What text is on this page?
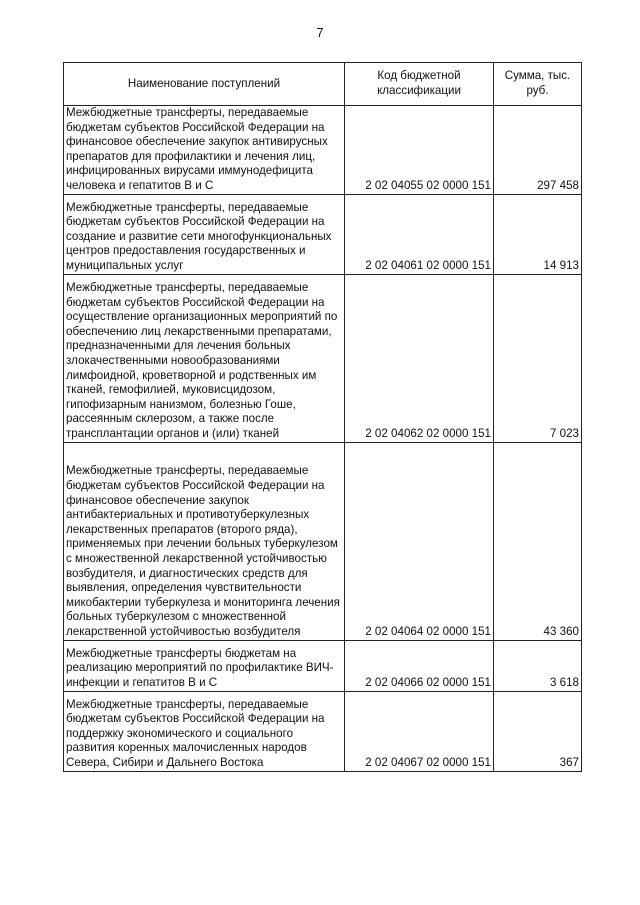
7
Наименование поступлений	Код бюджетной классификации	Сумма, тыс. руб.
Межбюджетные трансферты, передаваемые бюджетам субъектов Российской Федерации на финансовое обеспечение закупок антивирусных препаратов для профилактики и лечения лиц, инфицированных вирусами иммунодефицита человека и гепатитов В и С	2 02 04055 02 0000 151	297 458
Межбюджетные трансферты, передаваемые бюджетам субъектов Российской Федерации на создание и развитие сети многофункциональных центров предоставления государственных и муниципальных услуг	2 02 04061 02 0000 151	14 913
Межбюджетные трансферты, передаваемые бюджетам субъектов Российской Федерации на осуществление организационных мероприятий по обеспечению лиц лекарственными препаратами, предназначенными для лечения больных злокачественными новообразованиями лимфоидной, кроветворной и родственных им тканей, гемофилией, муковисцидозом, гипофизарным нанизмом, болезнью Гоше, рассеянным склерозом, а также после трансплантации органов и (или) тканей	2 02 04062 02 0000 151	7 023
Межбюджетные трансферты, передаваемые бюджетам субъектов Российской Федерации на финансовое обеспечение закупок антибактериальных и противотуберкулезных лекарственных препаратов (второго ряда), применяемых при лечении больных туберкулезом с множественной лекарственной устойчивостью возбудителя, и диагностических средств для выявления, определения чувствительности микобактерии туберкулеза и мониторинга лечения больных туберкулезом с множественной лекарственной устойчивостью возбудителя	2 02 04064 02 0000 151	43 360
Межбюджетные трансферты бюджетам на реализацию мероприятий по профилактике ВИЧ-инфекции и гепатитов В и С	2 02 04066 02 0000 151	3 618
Межбюджетные трансферты, передаваемые бюджетам субъектов Российской Федерации на поддержку экономического и социального развития коренных малочисленных народов Севера, Сибири и Дальнего Востока	2 02 04067 02 0000 151	367
